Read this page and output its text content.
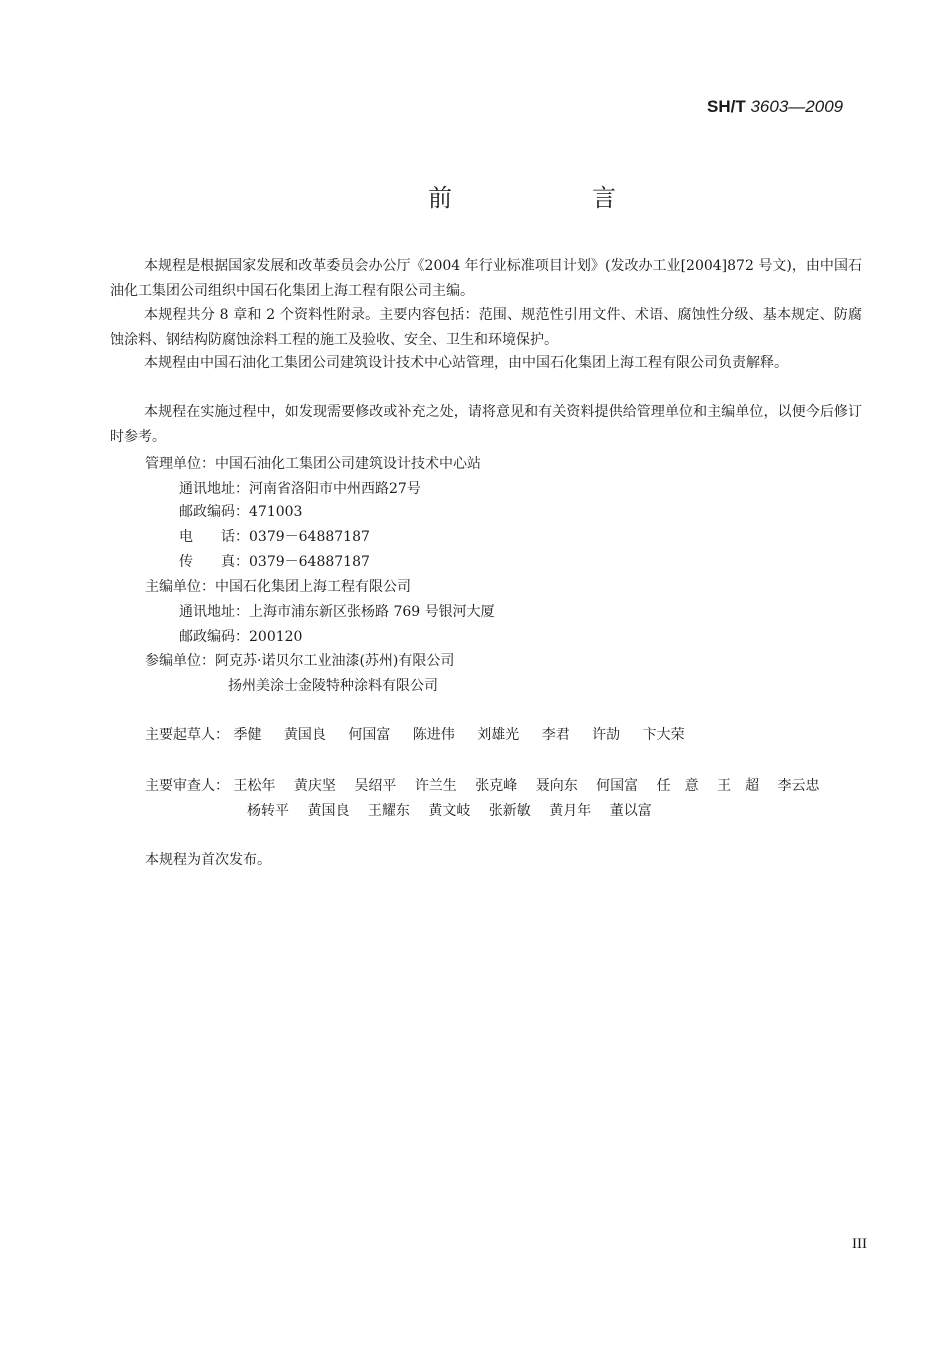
SH/T 3603—2009
前　言
本规程是根据国家发展和改革委员会办公厅《2004 年行业标准项目计划》(发改办工业[2004]872 号文)，由中国石油化工集团公司组织中国石化集团上海工程有限公司主编。
本规程共分 8 章和 2 个资料性附录。主要内容包括：范围、规范性引用文件、术语、腐蚀性分级、基本规定、防腐蚀涂料、钢结构防腐蚀涂料工程的施工及验收、安全、卫生和环境保护。
本规程由中国石油化工集团公司建筑设计技术中心站管理，由中国石化集团上海工程有限公司负责解释。
本规程在实施过程中，如发现需要修改或补充之处，请将意见和有关资料提供给管理单位和主编单位，以便今后修订时参考。
管理单位：中国石油化工集团公司建筑设计技术中心站
通讯地址：河南省洛阳市中州西路27号
邮政编码：471003
电　　话：0379－64887187
传　　真：0379－64887187
主编单位：中国石化集团上海工程有限公司
通讯地址：上海市浦东新区张杨路 769 号银河大厦
邮政编码：200120
参编单位：阿克苏·诺贝尔工业油漆(苏州)有限公司
扬州美涂士金陵特种涂料有限公司
主要起草人： 季健 黄国良 何国富 陈进伟 刘雄光 李君 许劼 卞大荣
主要审查人： 王松年 黄庆坚 吴绍平 许兰生 张克峰 聂向东 何国富 任　意 王　超 李云忠
杨转平 黄国良 王耀东 黄文岐 张新敏 黄月年 董以富
本规程为首次发布。
III
